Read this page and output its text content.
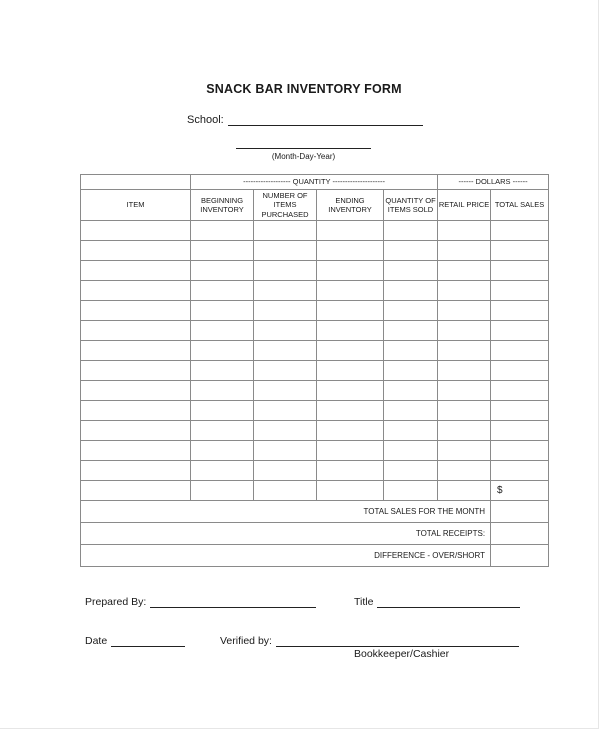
SNACK BAR INVENTORY FORM
School:
(Month-Day-Year)
	------------------- QUANTITY ---------------------				------ DOLLARS ------	
ITEM	BEGINNING INVENTORY	NUMBER OF ITEMS PURCHASED	ENDING INVENTORY	QUANTITY OF ITEMS SOLD	RETAIL PRICE	TOTAL SALES

						$
TOTAL SALES FOR THE MONTH						
TOTAL RECEIPTS:						
DIFFERENCE - OVER/SHORT						
Prepared By:	Title
Date	Verified by:
Bookkeeper/Cashier
